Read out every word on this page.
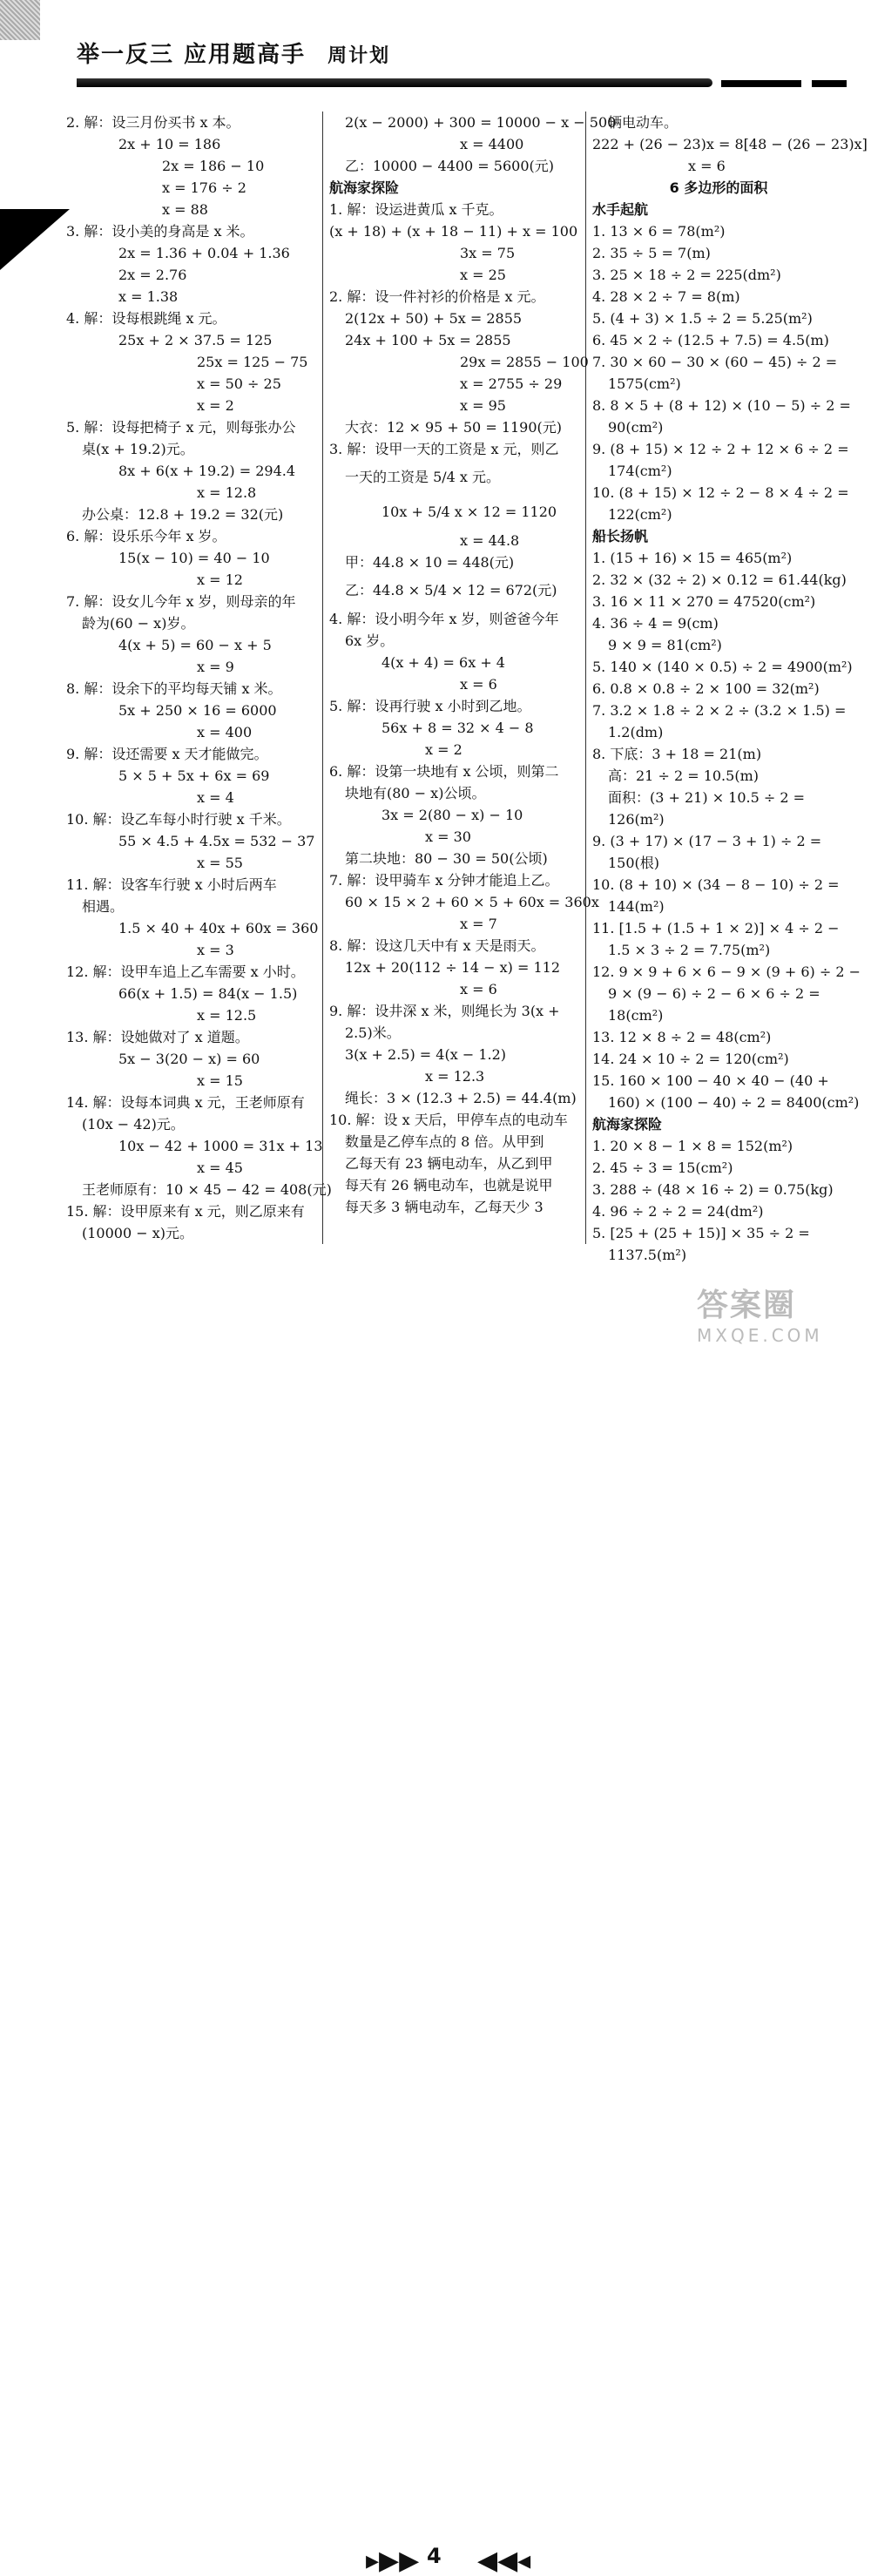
举一反三 应用题高手 周计划
2. 解：设三月份买书 x 本。
2x + 10 = 186
2x = 186 − 10
x = 176 ÷ 2
x = 88
3. 解：设小美的身高是 x 米。
2x = 1.36 + 0.04 + 1.36
2x = 2.76
x = 1.38
4. 解：设每根跳绳 x 元。
25x + 2 × 37.5 = 125
25x = 125 − 75
x = 50 ÷ 25
x = 2
5. 解：设每把椅子 x 元，则每张办公
桌(x + 19.2)元。
8x + 6(x + 19.2) = 294.4
x = 12.8
办公桌：12.8 + 19.2 = 32(元)
6. 解：设乐乐今年 x 岁。
15(x − 10) = 40 − 10
x = 12
7. 解：设女儿今年 x 岁，则母亲的年
龄为(60 − x)岁。
4(x + 5) = 60 − x + 5
x = 9
8. 解：设余下的平均每天铺 x 米。
5x + 250 × 16 = 6000
x = 400
9. 解：设还需要 x 天才能做完。
5 × 5 + 5x + 6x = 69
x = 4
10. 解：设乙车每小时行驶 x 千米。
55 × 4.5 + 4.5x = 532 − 37
x = 55
11. 解：设客车行驶 x 小时后两车
相遇。
1.5 × 40 + 40x + 60x = 360
x = 3
12. 解：设甲车追上乙车需要 x 小时。
66(x + 1.5) = 84(x − 1.5)
x = 12.5
13. 解：设她做对了 x 道题。
5x − 3(20 − x) = 60
x = 15
14. 解：设每本词典 x 元，王老师原有
(10x − 42)元。
10x − 42 + 1000 = 31x + 13
x = 45
王老师原有：10 × 45 − 42 = 408(元)
15. 解：设甲原来有 x 元，则乙原来有
(10000 − x)元。
2(x − 2000) + 300 = 10000 − x − 500
x = 4400
乙：10000 − 4400 = 5600(元)
航海家探险
1. 解：设运进黄瓜 x 千克。
(x + 18) + (x + 18 − 11) + x = 100
3x = 75
x = 25
2. 解：设一件衬衫的价格是 x 元。
2(12x + 50) + 5x = 2855
24x + 100 + 5x = 2855
29x = 2855 − 100
x = 2755 ÷ 29
x = 95
大衣：12 × 95 + 50 = 1190(元)
3. 解：设甲一天的工资是 x 元，则乙
一天的工资是 5/4 x 元。
10x + 5/4 x × 12 = 1120
x = 44.8
甲：44.8 × 10 = 448(元)
乙：44.8 × 5/4 × 12 = 672(元)
4. 解：设小明今年 x 岁，则爸爸今年
6x 岁。
4(x + 4) = 6x + 4
x = 6
5. 解：设再行驶 x 小时到乙地。
56x + 8 = 32 × 4 − 8
x = 2
6. 解：设第一块地有 x 公顷，则第二
块地有(80 − x)公顷。
3x = 2(80 − x) − 10
x = 30
第二块地：80 − 30 = 50(公顷)
7. 解：设甲骑车 x 分钟才能追上乙。
60 × 15 × 2 + 60 × 5 + 60x = 360x
x = 7
8. 解：设这几天中有 x 天是雨天。
12x + 20(112 ÷ 14 − x) = 112
x = 6
9. 解：设井深 x 米，则绳长为 3(x +
2.5)米。
3(x + 2.5) = 4(x − 1.2)
x = 12.3
绳长：3 × (12.3 + 2.5) = 44.4(m)
10. 解：设 x 天后，甲停车点的电动车
数量是乙停车点的 8 倍。从甲到
乙每天有 23 辆电动车，从乙到甲
每天有 26 辆电动车，也就是说甲
每天多 3 辆电动车，乙每天少 3
辆电动车。
222 + (26 − 23)x = 8[48 − (26 − 23)x]
x = 6
6 多边形的面积
水手起航
1. 13 × 6 = 78(m²)
2. 35 ÷ 5 = 7(m)
3. 25 × 18 ÷ 2 = 225(dm²)
4. 28 × 2 ÷ 7 = 8(m)
5. (4 + 3) × 1.5 ÷ 2 = 5.25(m²)
6. 45 × 2 ÷ (12.5 + 7.5) = 4.5(m)
7. 30 × 60 − 30 × (60 − 45) ÷ 2 =
1575(cm²)
8. 8 × 5 + (8 + 12) × (10 − 5) ÷ 2 =
90(cm²)
9. (8 + 15) × 12 ÷ 2 + 12 × 6 ÷ 2 =
174(cm²)
10. (8 + 15) × 12 ÷ 2 − 8 × 4 ÷ 2 =
122(cm²)
船长扬帆
1. (15 + 16) × 15 = 465(m²)
2. 32 × (32 ÷ 2) × 0.12 = 61.44(kg)
3. 16 × 11 × 270 = 47520(cm²)
4. 36 ÷ 4 = 9(cm)
9 × 9 = 81(cm²)
5. 140 × (140 × 0.5) ÷ 2 = 4900(m²)
6. 0.8 × 0.8 ÷ 2 × 100 = 32(m²)
7. 3.2 × 1.8 ÷ 2 × 2 ÷ (3.2 × 1.5) =
1.2(dm)
8. 下底：3 + 18 = 21(m)
高：21 ÷ 2 = 10.5(m)
面积：(3 + 21) × 10.5 ÷ 2 =
126(m²)
9. (3 + 17) × (17 − 3 + 1) ÷ 2 =
150(根)
10. (8 + 10) × (34 − 8 − 10) ÷ 2 =
144(m²)
11. [1.5 + (1.5 + 1 × 2)] × 4 ÷ 2 −
1.5 × 3 ÷ 2 = 7.75(m²)
12. 9 × 9 + 6 × 6 − 9 × (9 + 6) ÷ 2 −
9 × (9 − 6) ÷ 2 − 6 × 6 ÷ 2 =
18(cm²)
13. 12 × 8 ÷ 2 = 48(cm²)
14. 24 × 10 ÷ 2 = 120(cm²)
15. 160 × 100 − 40 × 40 − (40 +
160) × (100 − 40) ÷ 2 = 8400(cm²)
航海家探险
1. 20 × 8 − 1 × 8 = 152(m²)
2. 45 ÷ 3 = 15(cm²)
3. 288 ÷ (48 × 16 ÷ 2) = 0.75(kg)
4. 96 ÷ 2 ÷ 2 = 24(dm²)
5. [25 + (25 + 15)] × 35 ÷ 2 =
1137.5(m²)
▸▶▶ 4 ◀◀◂
答案圈
MXQE.COM
